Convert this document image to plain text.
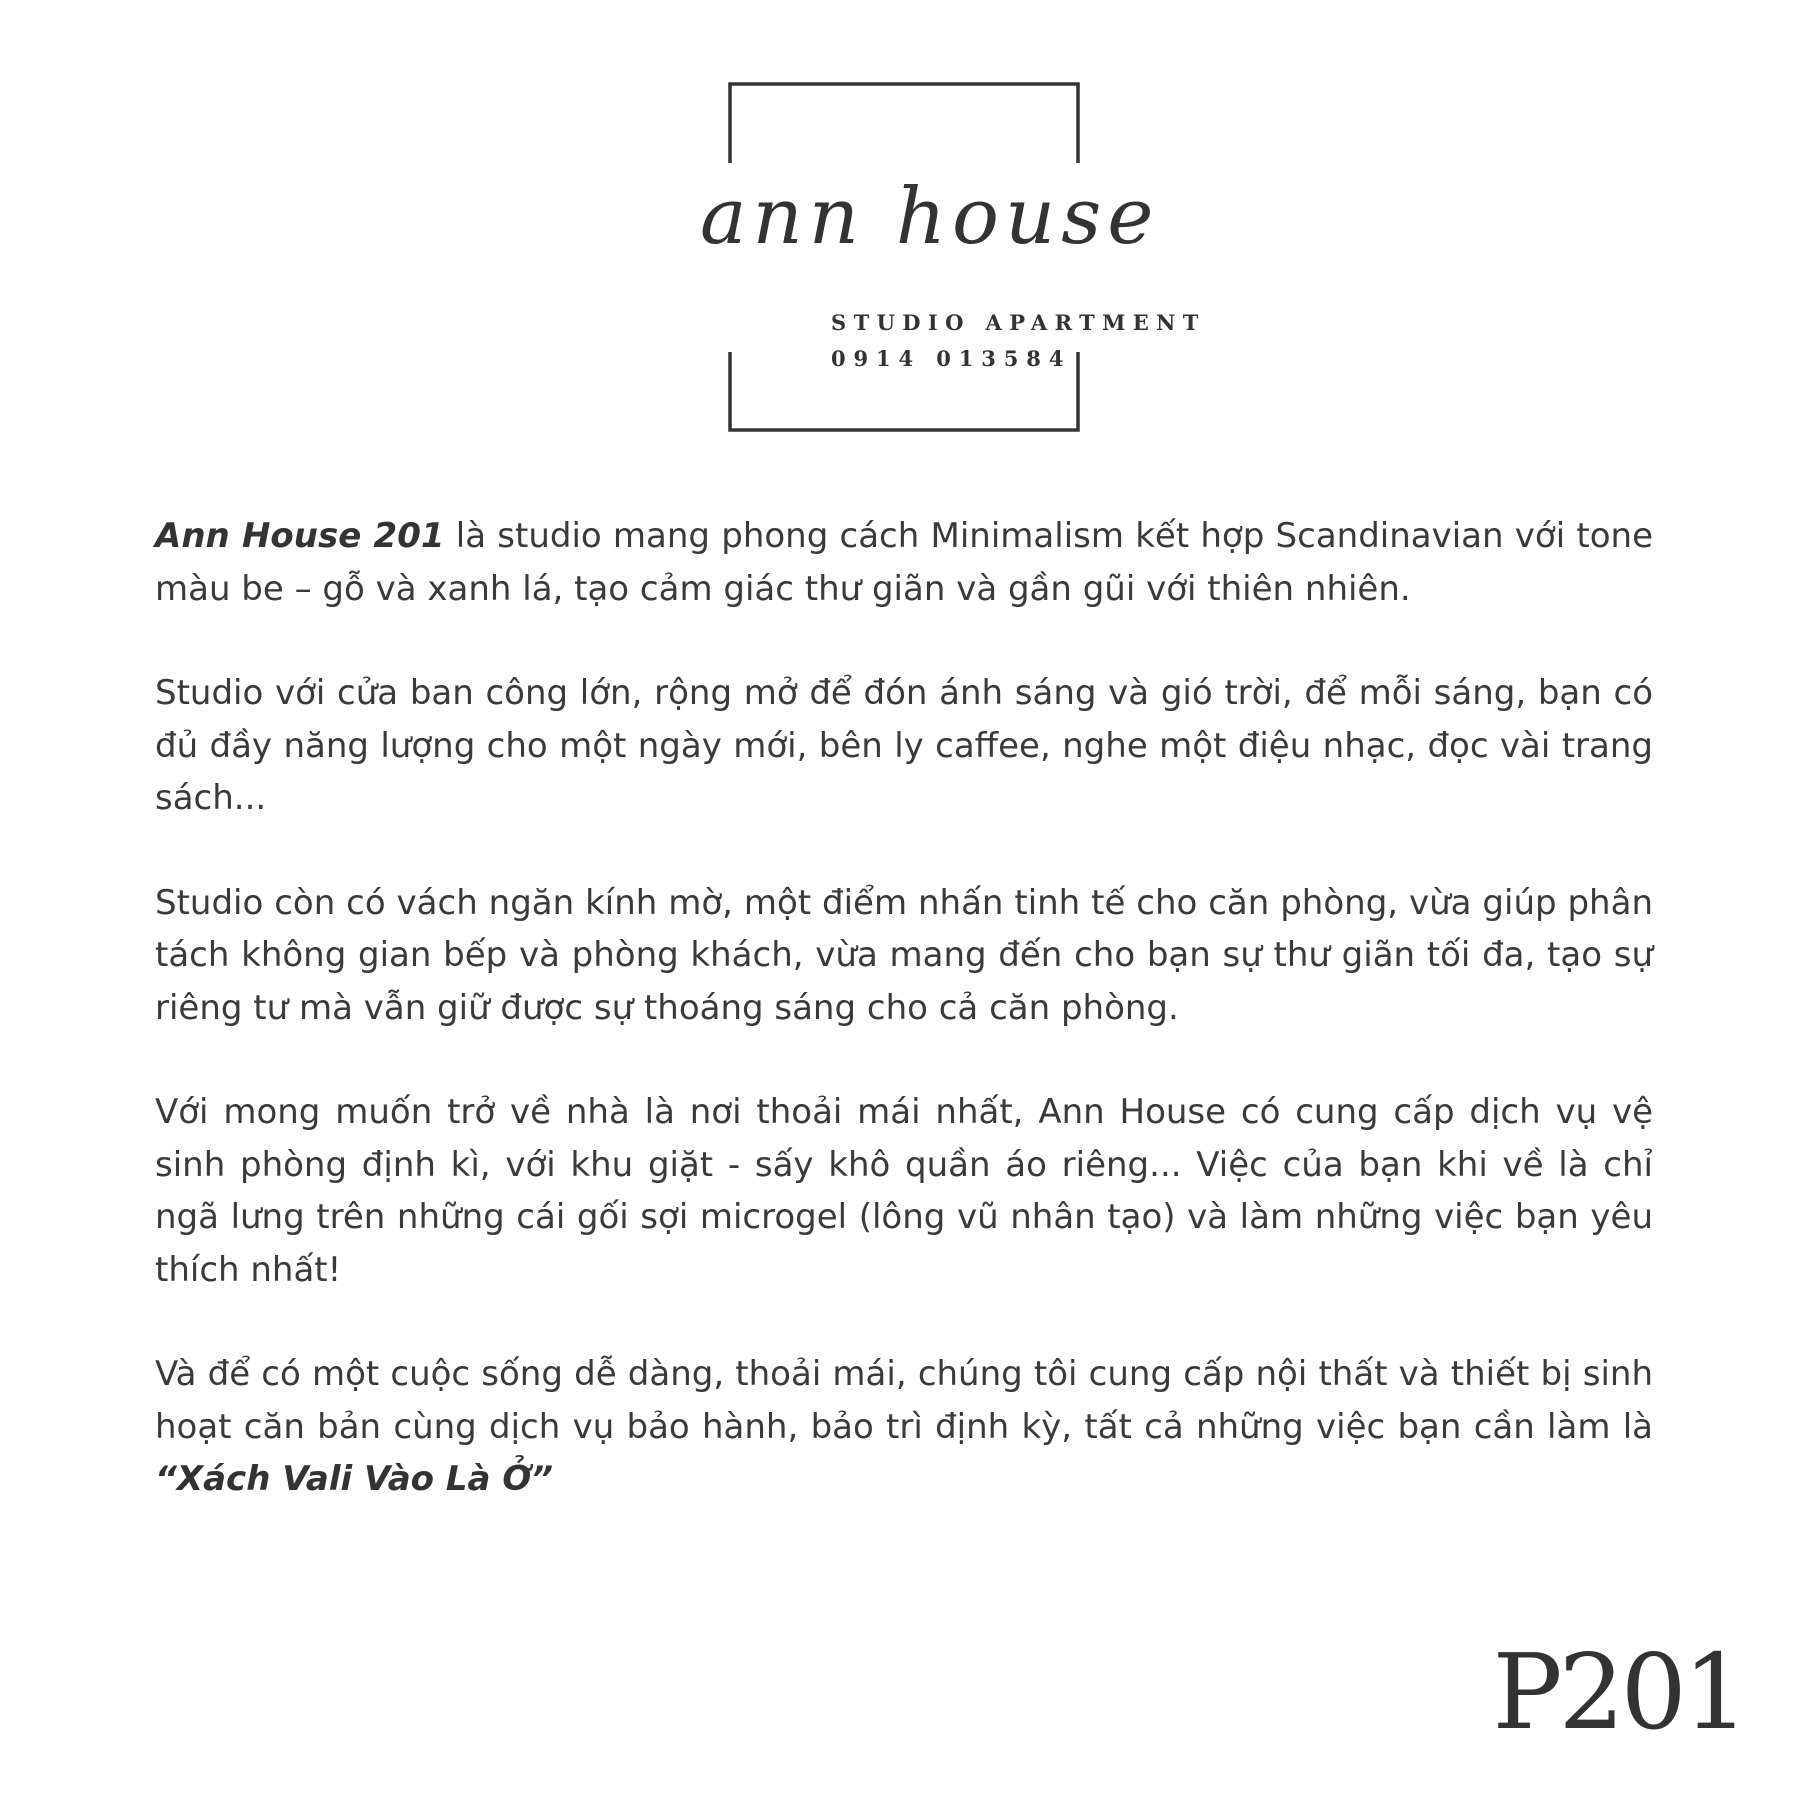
ann house
STUDIO APARTMENT
0914 013584

Ann House 201 là studio mang phong cách Minimalism kết hợp Scandinavian với tone màu be – gỗ và xanh lá, tạo cảm giác thư giãn và gần gũi với thiên nhiên.

Studio với cửa ban công lớn, rộng mở để đón ánh sáng và gió trời, để mỗi sáng, bạn có đủ đầy năng lượng cho một ngày mới, bên ly caffee, nghe một điệu nhạc, đọc vài trang sách...

Studio còn có vách ngăn kính mờ, một điểm nhấn tinh tế cho căn phòng, vừa giúp phân tách không gian bếp và phòng khách, vừa mang đến cho bạn sự thư giãn tối đa, tạo sự riêng tư mà vẫn giữ được sự thoáng sáng cho cả căn phòng.

Với mong muốn trở về nhà là nơi thoải mái nhất, Ann House có cung cấp dịch vụ vệ sinh phòng định kì, với khu giặt - sấy khô quần áo riêng... Việc của bạn khi về là chỉ ngã lưng trên những cái gối sợi microgel (lông vũ nhân tạo) và làm những việc bạn yêu thích nhất!

Và để có một cuộc sống dễ dàng, thoải mái, chúng tôi cung cấp nội thất và thiết bị sinh hoạt căn bản cùng dịch vụ bảo hành, bảo trì định kỳ, tất cả những việc bạn cần làm là “Xách Vali Vào Là Ở”

P201
